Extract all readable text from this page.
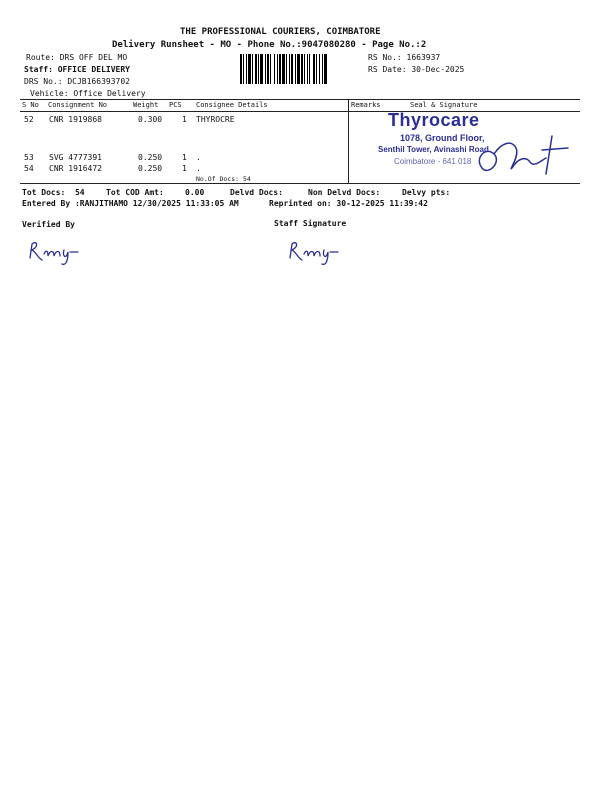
THE PROFESSIONAL COURIERS, COIMBATORE
Delivery Runsheet - MO - Phone No.:9047080280 - Page No.:2
Route: DRS OFF DEL MO
Staff: OFFICE DELIVERY
DRS No.: DCJB166393702
Vehicle: Office Delivery
RS No.: 1663937
RS Date: 30-Dec-2025
S No Consignment No	Weight PCS Consignee Details	Remarks	Seal & Signature
52 CNR 1919868	0.300 1 THYROCRE
53 SVG 4777391	0.250 1 .
54 CNR 1916472	0.250 1 .
No.Of Docs: 54
Thyrocare
1078, Ground Floor,
Senthil Tower, Avinashi Road
Coimbatore - 641 018
Tot Docs:  54	Tot COD Amt:	0.00	Delvd Docs:	Non Delvd Docs:	Delvy pts:
Entered By :RANJITHAMO 12/30/2025 11:33:05 AM	Reprinted on: 30-12-2025 11:39:42
Verified By	Staff Signature
